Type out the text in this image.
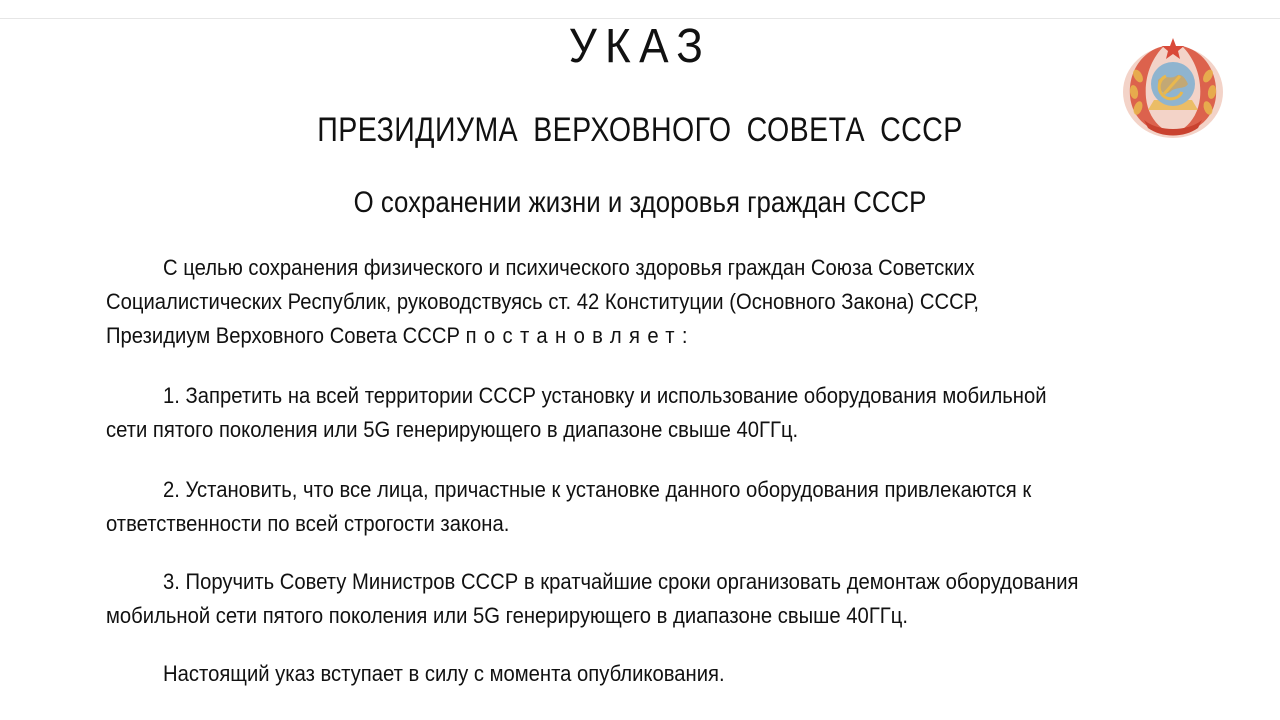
УКАЗ
ПРЕЗИДИУМА ВЕРХОВНОГО СОВЕТА СССР
О сохранении жизни и здоровья граждан СССР
С целью сохранения физического и психического здоровья граждан Союза Советских
Социалистических Республик, руководствуясь ст. 42 Конституции (Основного Закона) СССР,
Президиум Верховного Совета СССР постановляет:
1. Запретить на всей территории СССР установку и использование оборудования мобильной
сети пятого поколения или 5G генерирующего в диапазоне свыше 40ГГц.
2. Установить, что все лица, причастные к установке данного оборудования привлекаются к
ответственности по всей строгости закона.
3. Поручить Совету Министров СССР в кратчайшие сроки организовать демонтаж оборудования
мобильной сети пятого поколения или 5G генерирующего в диапазоне свыше 40ГГц.
Настоящий указ вступает в силу с момента опубликования.
